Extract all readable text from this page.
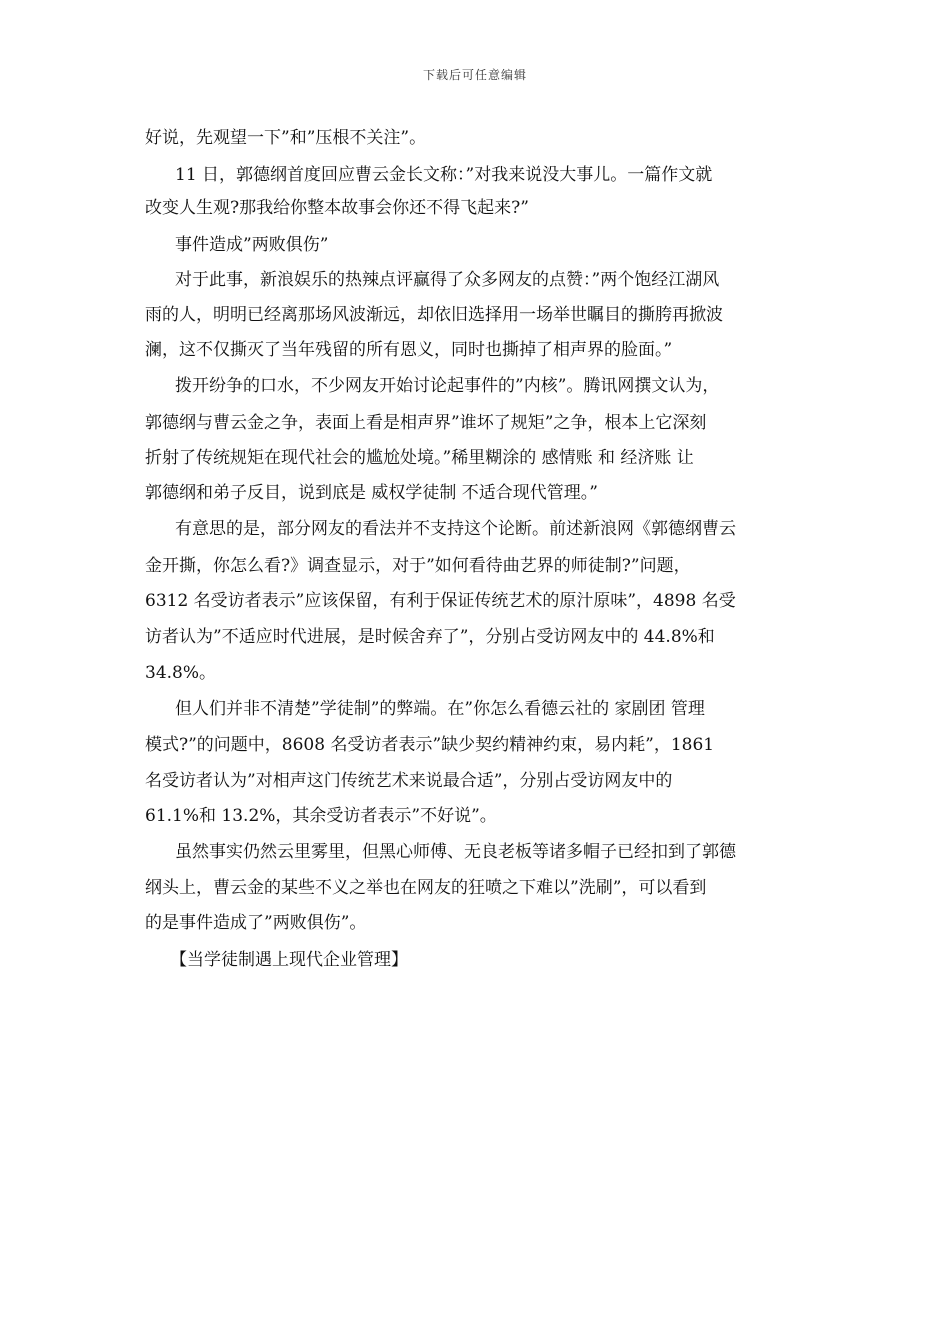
下载后可任意编辑
好说，先观望一下”和”压根不关注”。
11 日，郭德纲首度回应曹云金长文称：”对我来说没大事儿。一篇作文就
改变人生观?那我给你整本故事会你还不得飞起来?”
事件造成”两败俱伤”
对于此事，新浪娱乐的热辣点评赢得了众多网友的点赞：”两个饱经江湖风
雨的人，明明已经离那场风波渐远，却依旧选择用一场举世瞩目的撕胯再掀波
澜，这不仅撕灭了当年残留的所有恩义，同时也撕掉了相声界的脸面。”
拨开纷争的口水，不少网友开始讨论起事件的”内核”。腾讯网撰文认为，
郭德纲与曹云金之争，表面上看是相声界”谁坏了规矩”之争，根本上它深刻
折射了传统规矩在现代社会的尴尬处境。”稀里糊涂的 感情账 和 经济账 让
郭德纲和弟子反目，说到底是 威权学徒制 不适合现代管理。”
有意思的是，部分网友的看法并不支持这个论断。前述新浪网《郭德纲曹云
金开撕，你怎么看?》调查显示，对于”如何看待曲艺界的师徒制?”问题，
6312 名受访者表示”应该保留，有利于保证传统艺术的原汁原味”，4898 名受
访者认为”不适应时代进展，是时候舍弃了”，分别占受访网友中的 44.8%和
34.8%。
但人们并非不清楚”学徒制”的弊端。在”你怎么看德云社的 家剧团 管理
模式?”的问题中，8608 名受访者表示”缺少契约精神约束，易内耗”，1861
名受访者认为”对相声这门传统艺术来说最合适”，分别占受访网友中的
61.1%和 13.2%，其余受访者表示”不好说”。
虽然事实仍然云里雾里，但黑心师傅、无良老板等诸多帽子已经扣到了郭德
纲头上，曹云金的某些不义之举也在网友的狂喷之下难以”洗刷”，可以看到
的是事件造成了”两败俱伤”。
【当学徒制遇上现代企业管理】
